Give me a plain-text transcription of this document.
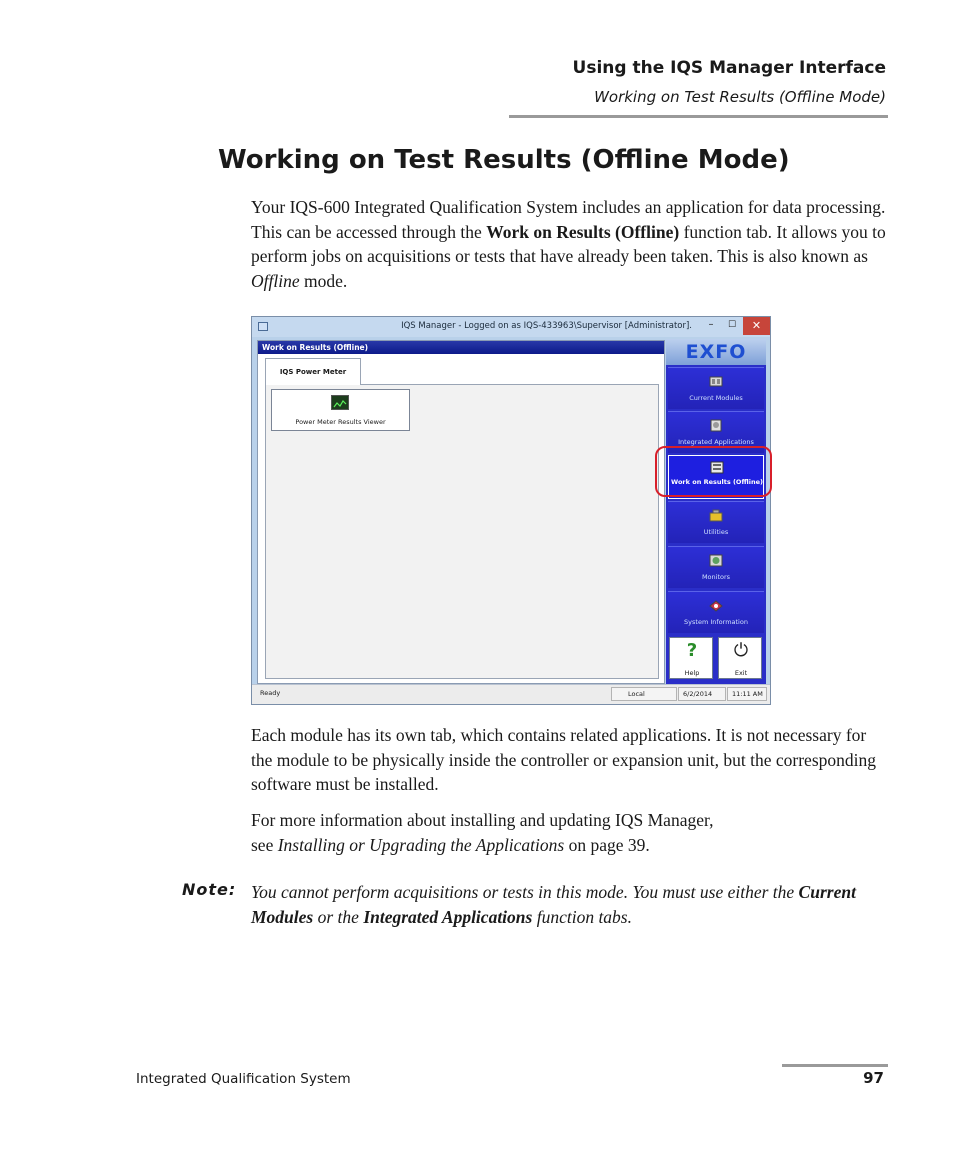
Using the IQS Manager Interface
Working on Test Results (Offline Mode)
Working on Test Results (Offline Mode)

Your IQS-600 Integrated Qualification System includes an application for data processing. This can be accessed through the Work on Results (Offline) function tab. It allows you to perform jobs on acquisitions or tests that have already been taken. This is also known as Offline mode.

IQS Manager - Logged on as IQS-433963\Supervisor [Administrator].	–	☐	✕
Work on Results (Offline)
IQS Power Meter
Power Meter Results Viewer
EXFO
Current Modules
Integrated Applications
Work on Results (Offline)
Utilities
Monitors
System Information
?
Help
⏻
Exit
Ready	Local	6/2/2014	11:11 AM

Each module has its own tab, which contains related applications. It is not necessary for the module to be physically inside the controller or expansion unit, but the corresponding software must be installed.

For more information about installing and updating IQS Manager,
see Installing or Upgrading the Applications on page 39.

Note: You cannot perform acquisitions or tests in this mode. You must use either the Current Modules or the Integrated Applications function tabs.

Integrated Qualification System	97
